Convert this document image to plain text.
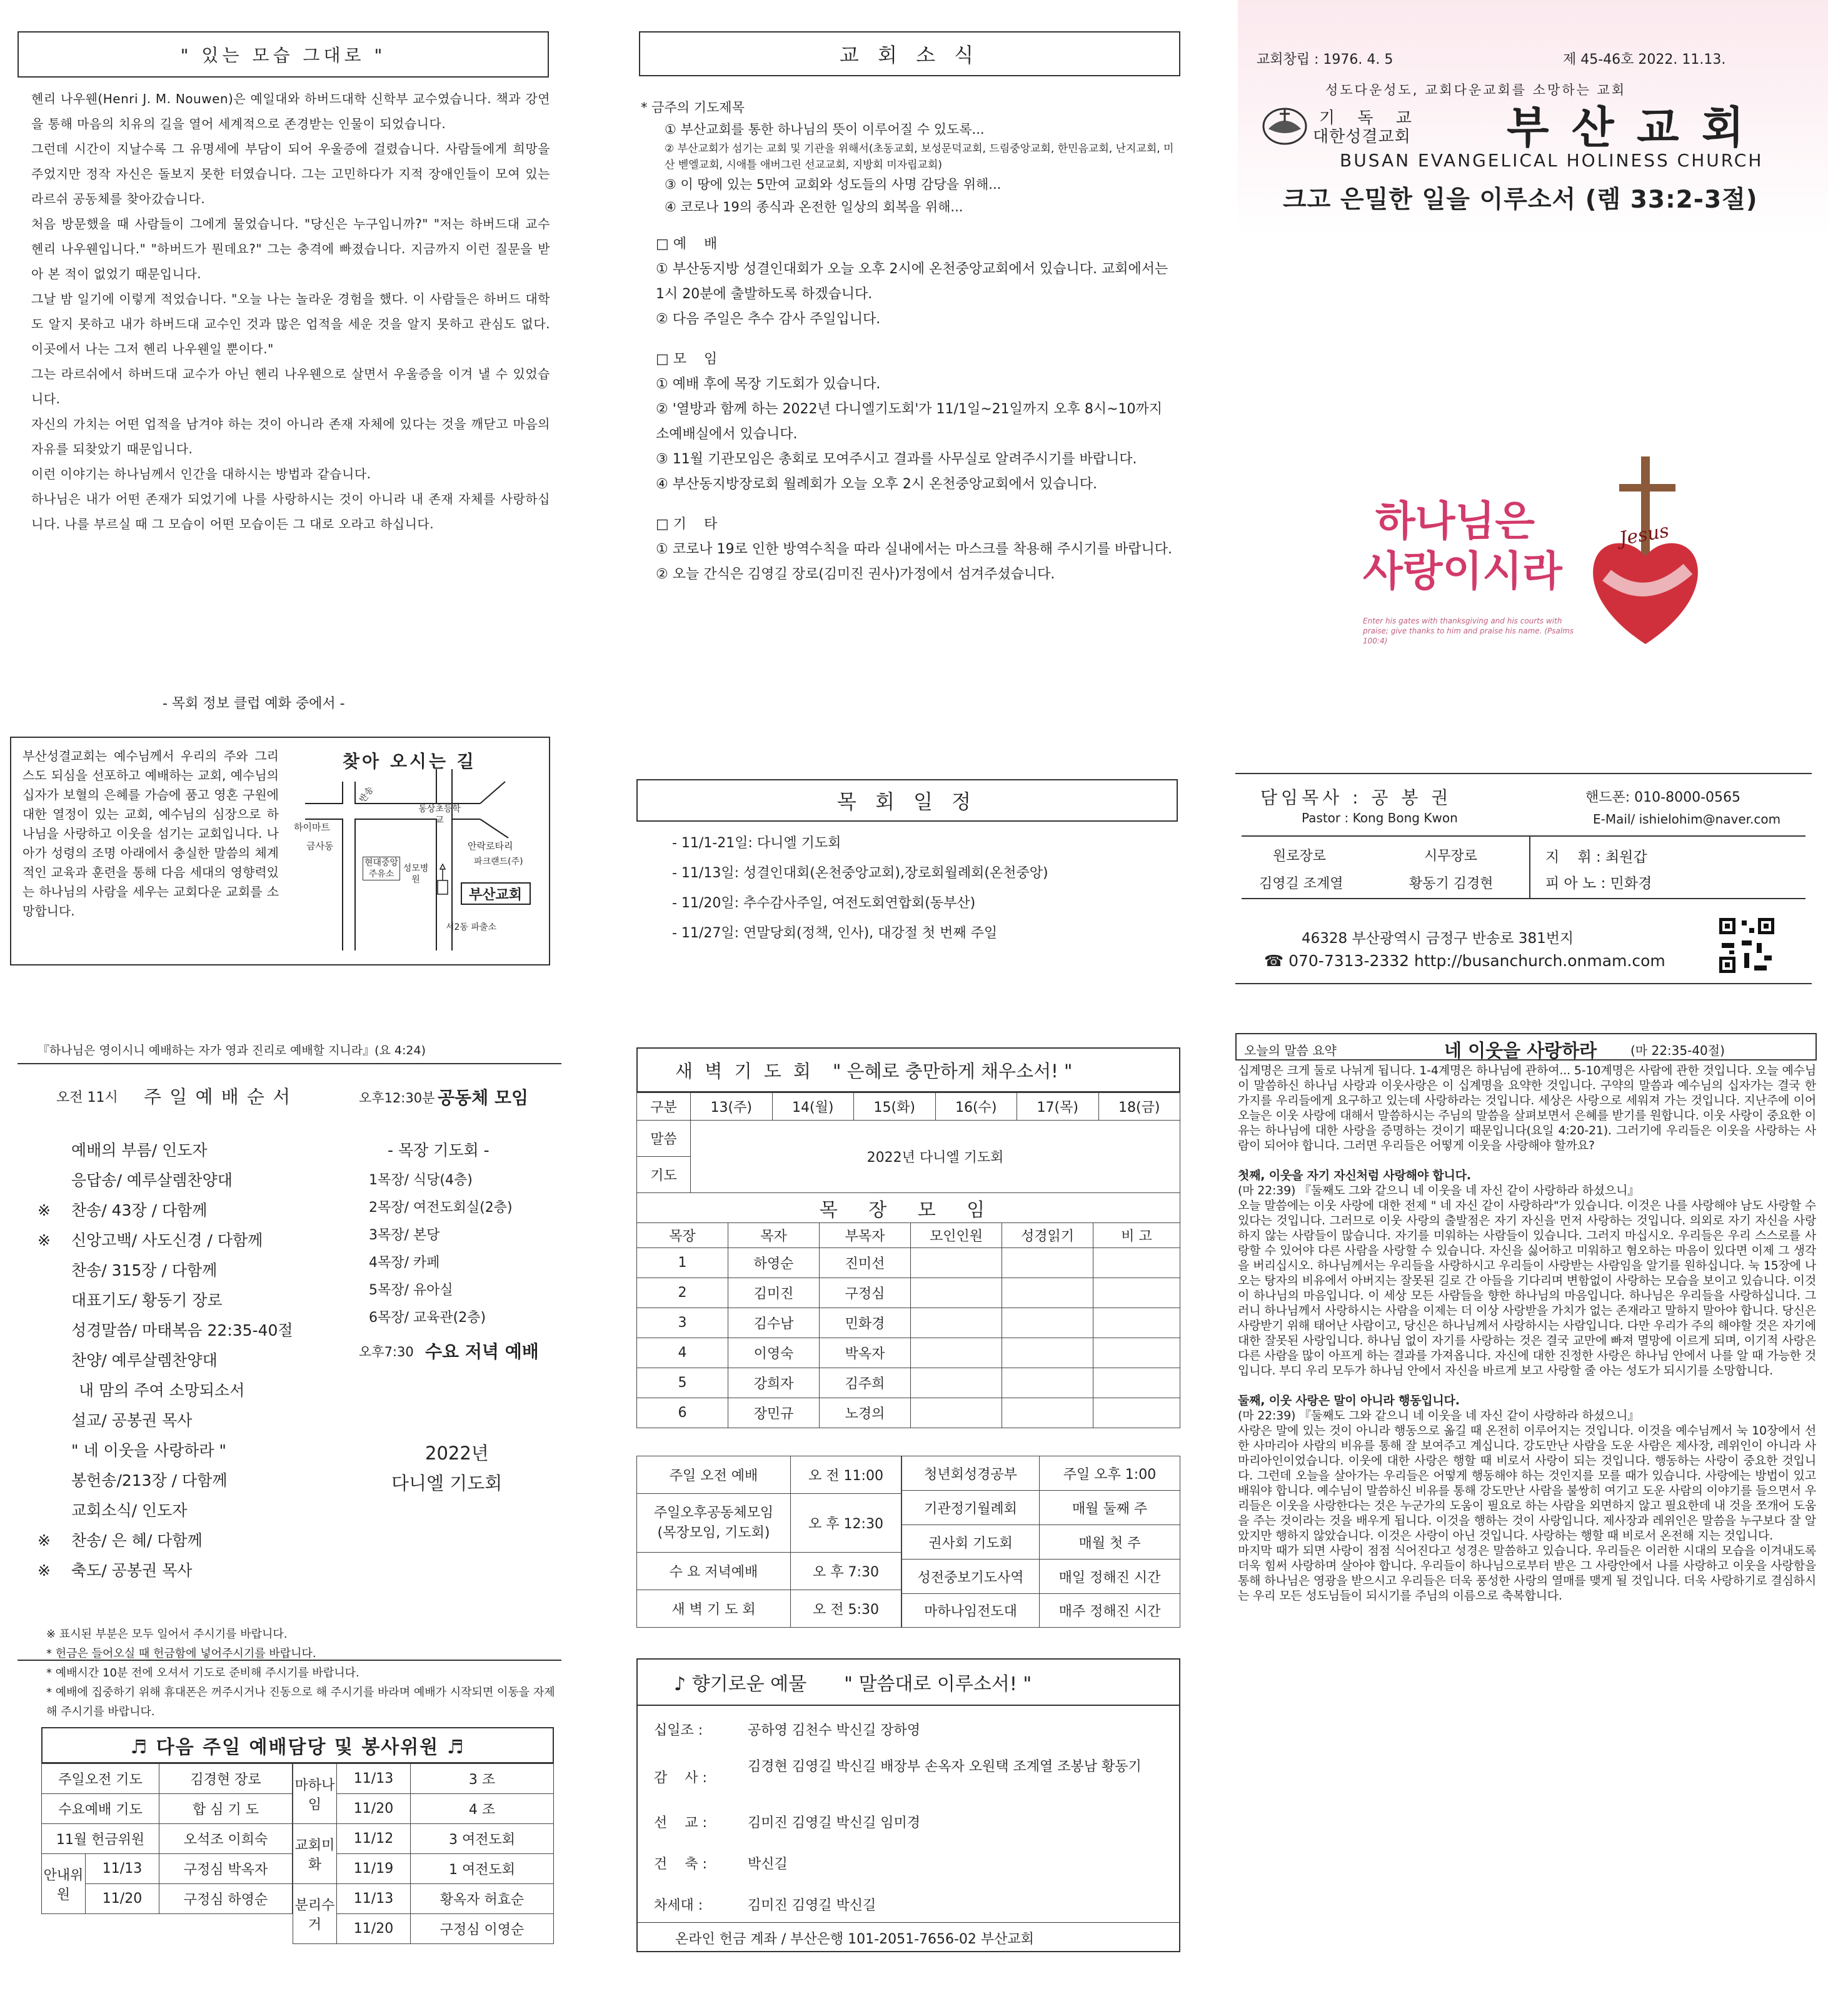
" 있는 모습 그대로 "

헨리 나우웬(Henri J. M. Nouwen)은 예일대와 하버드대학 신학부 교수였습니다. 책과 강연을 통해 마음의 치유의 길을 열어 세계적으로 존경받는 인물이 되었습니다.

그런데 시간이 지날수록 그 유명세에 부담이 되어 우울증에 걸렸습니다. 사람들에게 희망을 주었지만 정작 자신은 돌보지 못한 터였습니다. 그는 고민하다가 지적 장애인들이 모여 있는 라르쉬 공동체를 찾아갔습니다.

처음 방문했을 때 사람들이 그에게 물었습니다. "당신은 누구입니까?" "저는 하버드대 교수 헨리 나우웬입니다." "하버드가 뭔데요?" 그는 충격에 빠졌습니다. 지금까지 이런 질문을 받아 본 적이 없었기 때문입니다.

그날 밤 일기에 이렇게 적었습니다. "오늘 나는 놀라운 경험을 했다. 이 사람들은 하버드 대학도 알지 못하고 내가 하버드대 교수인 것과 많은 업적을 세운 것을 알지 못하고 관심도 없다. 이곳에서 나는 그저 헨리 나우웬일 뿐이다."

그는 라르쉬에서 하버드대 교수가 아닌 헨리 나우웬으로 살면서 우울증을 이겨 낼 수 있었습니다.

자신의 가치는 어떤 업적을 남겨야 하는 것이 아니라 존재 자체에 있다는 것을 깨닫고 마음의 자유를 되찾았기 때문입니다.

이런 이야기는 하나님께서 인간을 대하시는 방법과 같습니다.

하나님은 내가 어떤 존재가 되었기에 나를 사랑하시는 것이 아니라 내 존재 자체를 사랑하십니다. 나를 부르실 때 그 모습이 어떤 모습이든 그 대로 오라고 하십니다.

- 목회 정보 클럽 예화 중에서 -
부산성결교회는 예수님께서 우리의 주와 그리스도 되심을 선포하고 예배하는 교회, 예수님의 십자가 보혈의 은혜를 가슴에 품고 영혼 구원에 대한 열정이 있는 교회, 예수님의 심장으로 하나님을 사랑하고 이웃을 섬기는 교회입니다. 나아가 성령의 조명 아래에서 충실한 말씀의 체계적인 교육과 훈련을 통해 다음 세대의 영향력있는 하나님의 사람을 세우는 교회다운 교회를 소망합니다.
찾아 오시는 길
하이마트
금사동
현대중앙주유소
성모병원
동상초등학교
안락로타리
파크랜드(주)
부산교회
서2동 파출소
반송
교 회 소 식
* 금주의 기도제목
① 부산교회를 통한 하나님의 뜻이 이루어질 수 있도록...
② 부산교회가 섬기는 교회 및 기관을 위해서(초동교회, 보성문덕교회, 드림중앙교회, 한민음교회, 난지교회, 미산 벧엘교회, 시애틀 애버그린 선교교회, 지방회 미자립교회)
③ 이 땅에 있는 5만여 교회와 성도들의 사명 감당을 위해...
④ 코로나 19의 종식과 온전한 일상의 회복을 위해...
□ 예    배
① 부산동지방 성결인대회가 오늘 오후 2시에 온천중앙교회에서 있습니다. 교회에서는 1시 20분에 출발하도록 하겠습니다.
② 다음 주일은 추수 감사 주일입니다.
□ 모    임
① 예배 후에 목장 기도회가 있습니다.
② '열방과 함께 하는 2022년 다니엘기도회'가 11/1일~21일까지 오후 8시~10까지 소예배실에서 있습니다.
③ 11월 기관모임은 총회로 모여주시고 결과를 사무실로 알려주시기를 바랍니다.
④ 부산동지방장로회 월례회가 오늘 오후 2시 온천중앙교회에서 있습니다.
□ 기    타
① 코로나 19로 인한 방역수칙을 따라 실내에서는 마스크를 착용해 주시기를 바랍니다.
② 오늘 간식은 김영길 장로(김미진 권사)가정에서 섬겨주셨습니다.
목 회 일 정
- 11/1-21일: 다니엘 기도회
- 11/13일: 성결인대회(온천중앙교회),장로회월례회(온천중앙)
- 11/20일: 추수감사주일, 여전도회연합회(동부산)
- 11/27일: 연말당회(정책, 인사), 대강절 첫 번째 주일
교회창립 : 1976. 4. 5	제 45-46호 2022. 11.13.
성도다운성도, 교회다운교회를 소망하는 교회
기 독 교
대한성결교회 부 산 교 회
BUSAN EVANGELICAL HOLINESS CHURCH
크고 은밀한 일을 이루소서 (렘 33:2-3절)
Jesus
하나님은
사랑이시라
Enter his gates with thanksgiving and his courts with praise; give thanks to him and praise his name. (Psalms 100:4)
담임목사 : 공 봉 권
Pastor : Kong Bong Kwon
핸드폰: 010-8000-0565
E-Mail/ ishielohim@naver.com
원로장로
김영길 조계열
시무장로
황동기 김경현
지    휘 : 최원갑
피 아 노 : 민화경
46328 부산광역시 금정구 반송로 381번지
☎ 070-7313-2332 http://busanchurch.onmam.com
『하나님은 영이시니 예배하는 자가 영과 진리로 예배할 지니라』(요 4:24)
오전 11시 주 일 예 배 순 서
예배의 부름/ 인도자
응답송/ 예루살렘찬양대
※	찬송/ 43장 / 다함께
※	신앙고백/ 사도신경 / 다함께
찬송/ 315장 / 다함께
대표기도/ 황동기 장로
성경말씀/ 마태복음 22:35-40절
찬양/ 예루살렘찬양대
내 맘의 주여 소망되소서
설교/ 공봉권 목사
" 네 이웃을 사랑하라 "
봉헌송/213장 / 다함께
교회소식/ 인도자
※	찬송/ 은 혜/ 다함께
※	축도/ 공봉권 목사
오후12:30분 공동체 모임
- 목장 기도회 -
1목장/ 식당(4층)
2목장/ 여전도회실(2층)
3목장/ 본당
4목장/ 카페
5목장/ 유아실
6목장/ 교육관(2층)
오후7:30 수요 저녁 예배
2022년
다니엘 기도회
※ 표시된 부분은 모두 일어서 주시기를 바랍니다.
* 헌금은 들어오실 때 헌금함에 넣어주시기를 바랍니다.
* 예배시간 10분 전에 오셔서 기도로 준비해 주시기를 바랍니다.
* 예배에 집중하기 위해 휴대폰은 꺼주시거나 진동으로 해 주시기를 바라며 예배가 시작되면 이동을 자제해 주시기를 바랍니다.
♬ 다음 주일 예배담당 및 봉사위원 ♬
주일오전 기도	김경현 장로
수요예배 기도	합 심 기 도
11월 헌금위원	오석조 이희숙
안내위원	11/13	구정심 박옥자
	11/20	구정심 하영순
마하나임	11/13	3 조
	11/20	4 조
교회미화	11/12	3 여전도회
	11/19	1 여전도회
분리수거	11/13	황옥자 허효순
	11/20	구정심 이영순
새 벽 기 도 회 " 은혜로 충만하게 채우소서! "
구분	13(주)	14(월)	15(화)	16(수)	17(목)	18(금)
말씀	2022년 다니엘 기도회					
기도						
목 장 모 임						
목장	목자	부목자	모인인원	성경읽기	비 고
1	하영순	진미선			
2	김미진	구정심			
3	김수남	민화경			
4	이영숙	박옥자			
5	강희자	김주희			
6	장민규	노경의			
주일 오전 예배	오 전 11:00
주일오후공동체모임
(목장모임, 기도회)	오 후 12:30
수 요 저녁예배	오 후 7:30
새 벽 기 도 회	오 전 5:30
청년회성경공부	주일 오후 1:00
기관정기월례회	매월 둘째 주
권사회 기도회	매월 첫 주
성전중보기도사역	매일 정해진 시간
마하나임전도대	매주 정해진 시간
♪ 향기로운 예물 " 말씀대로 이루소서! "
십일조 :	공하영 김천수 박신길 장하영
감    사 :
김경현 김영길 박신길 배장부 손옥자 오원택 조계열 조봉남 황동기
선    교 :	김미진 김영길 박신길 임미경
건    축 :	박신길
차세대 :	김미진 김영길 박신길
온라인 헌금 계좌 / 부산은행 101-2051-7656-02 부산교회
오늘의 말씀 요약	네 이웃을 사랑하라	(마 22:35-40절)

십계명은 크게 둘로 나뉘게 됩니다. 1-4계명은 하나님에 관하여... 5-10계명은 사람에 관한 것입니다. 오늘 예수님이 말씀하신 하나님 사랑과 이웃사랑은 이 십계명을 요약한 것입니다. 구약의 말씀과 예수님의 십자가는 결국 한 가지를 우리들에게 요구하고 있는데 사랑하라는 것입니다. 세상은 사랑으로 세워져 가는 것입니다. 지난주에 이어 오늘은 이웃 사랑에 대해서 말씀하시는 주님의 말씀을 살펴보면서 은혜를 받기를 원합니다. 이웃 사랑이 중요한 이유는 하나님에 대한 사랑을 증명하는 것이기 때문입니다(요일 4:20-21). 그러기에 우리들은 이웃을 사랑하는 사람이 되어야 합니다. 그러면 우리들은 어떻게 이웃을 사랑해야 할까요?

첫째, 이웃을 자기 자신처럼 사랑해야 합니다.

(마 22:39) 『둘째도 그와 같으니 네 이웃을 네 자신 같이 사랑하라 하셨으니』

오늘 말씀에는 이웃 사랑에 대한 전제 " 네 자신 같이 사랑하라"가 있습니다. 이것은 나를 사랑해야 남도 사랑할 수 있다는 것입니다. 그러므로 이웃 사랑의 출발점은 자기 자신을 먼저 사랑하는 것입니다. 의외로 자기 자신을 사랑하지 않는 사람들이 많습니다. 자기를 미워하는 사람들이 있습니다. 그러지 마십시오. 우리들은 우리 스스로를 사랑할 수 있어야 다른 사람을 사랑할 수 있습니다. 자신을 싫어하고 미워하고 혐오하는 마음이 있다면 이제 그 생각을 버리십시오. 하나님께서는 우리들을 사랑하시고 우리들이 사랑받는 사람임을 알기를 원하십니다. 눅 15장에 나오는 탕자의 비유에서 아버지는 잘못된 길로 간 아들을 기다리며 변함없이 사랑하는 모습을 보이고 있습니다. 이것이 하나님의 마음입니다. 이 세상 모든 사람들을 향한 하나님의 마음입니다. 하나님은 우리들을 사랑하십니다. 그러니 하나님께서 사랑하시는 사람을 이제는 더 이상 사랑받을 가치가 없는 존재라고 말하지 말아야 합니다. 당신은 사랑받기 위해 태어난 사람이고, 당신은 하나님께서 사랑하시는 사람입니다. 다만 우리가 주의 해야할 것은 자기에 대한 잘못된 사랑입니다. 하나님 없이 자기를 사랑하는 것은 결국 교만에 빠져 멸망에 이르게 되며, 이기적 사랑은 다른 사람을 많이 아프게 하는 결과를 가져옵니다. 자신에 대한 진정한 사랑은 하나님 안에서 나를 알 때 가능한 것입니다. 부디 우리 모두가 하나님 안에서 자신을 바르게 보고 사랑할 줄 아는 성도가 되시기를 소망합니다.

둘째, 이웃 사랑은 말이 아니라 행동입니다.

(마 22:39) 『둘째도 그와 같으니 네 이웃을 네 자신 같이 사랑하라 하셨으니』

사랑은 말에 있는 것이 아니라 행동으로 옮길 때 온전히 이루어지는 것입니다. 이것을 예수님께서 눅 10장에서 선한 사마리아 사람의 비유를 통해 잘 보여주고 계십니다. 강도만난 사람을 도운 사람은 제사장, 레위인이 아니라 사마리아인이었습니다. 이웃에 대한 사랑은 행할 때 비로서 사랑이 되는 것입니다. 행동하는 사랑이 중요한 것입니다. 그런데 오늘을 살아가는 우리들은 어떻게 행동해야 하는 것인지를 모를 때가 있습니다. 사랑에는 방법이 있고 배워야 합니다. 예수님이 말씀하신 비유를 통해 강도만난 사람을 불쌍히 여기고 도운 사람의 이야기를 들으면서 우리들은 이웃을 사랑한다는 것은 누군가의 도움이 필요로 하는 사람을 외면하지 않고 필요한데 내 것을 쪼개어 도움을 주는 것이라는 것을 배우게 됩니다. 이것을 행하는 것이 사랑입니다. 제사장과 레위인은 말씀을 누구보다 잘 알았지만 행하지 않았습니다. 이것은 사랑이 아닌 것입니다. 사랑하는 행할 때 비로서 온전해 지는 것입니다.

마지막 때가 되면 사랑이 점점 식어진다고 성경은 말씀하고 있습니다. 우리들은 이러한 시대의 모습을 이겨내도록 더욱 힘써 사랑하며 살아야 합니다. 우리들이 하나님으로부터 받은 그 사랑안에서 나를 사랑하고 이웃을 사랑함을 통해 하나님은 영광을 받으시고 우리들은 더욱 풍성한 사랑의 열매를 맺게 될 것입니다. 더욱 사랑하기로 결심하시는 우리 모든 성도님들이 되시기를 주님의 이름으로 축복합니다.
